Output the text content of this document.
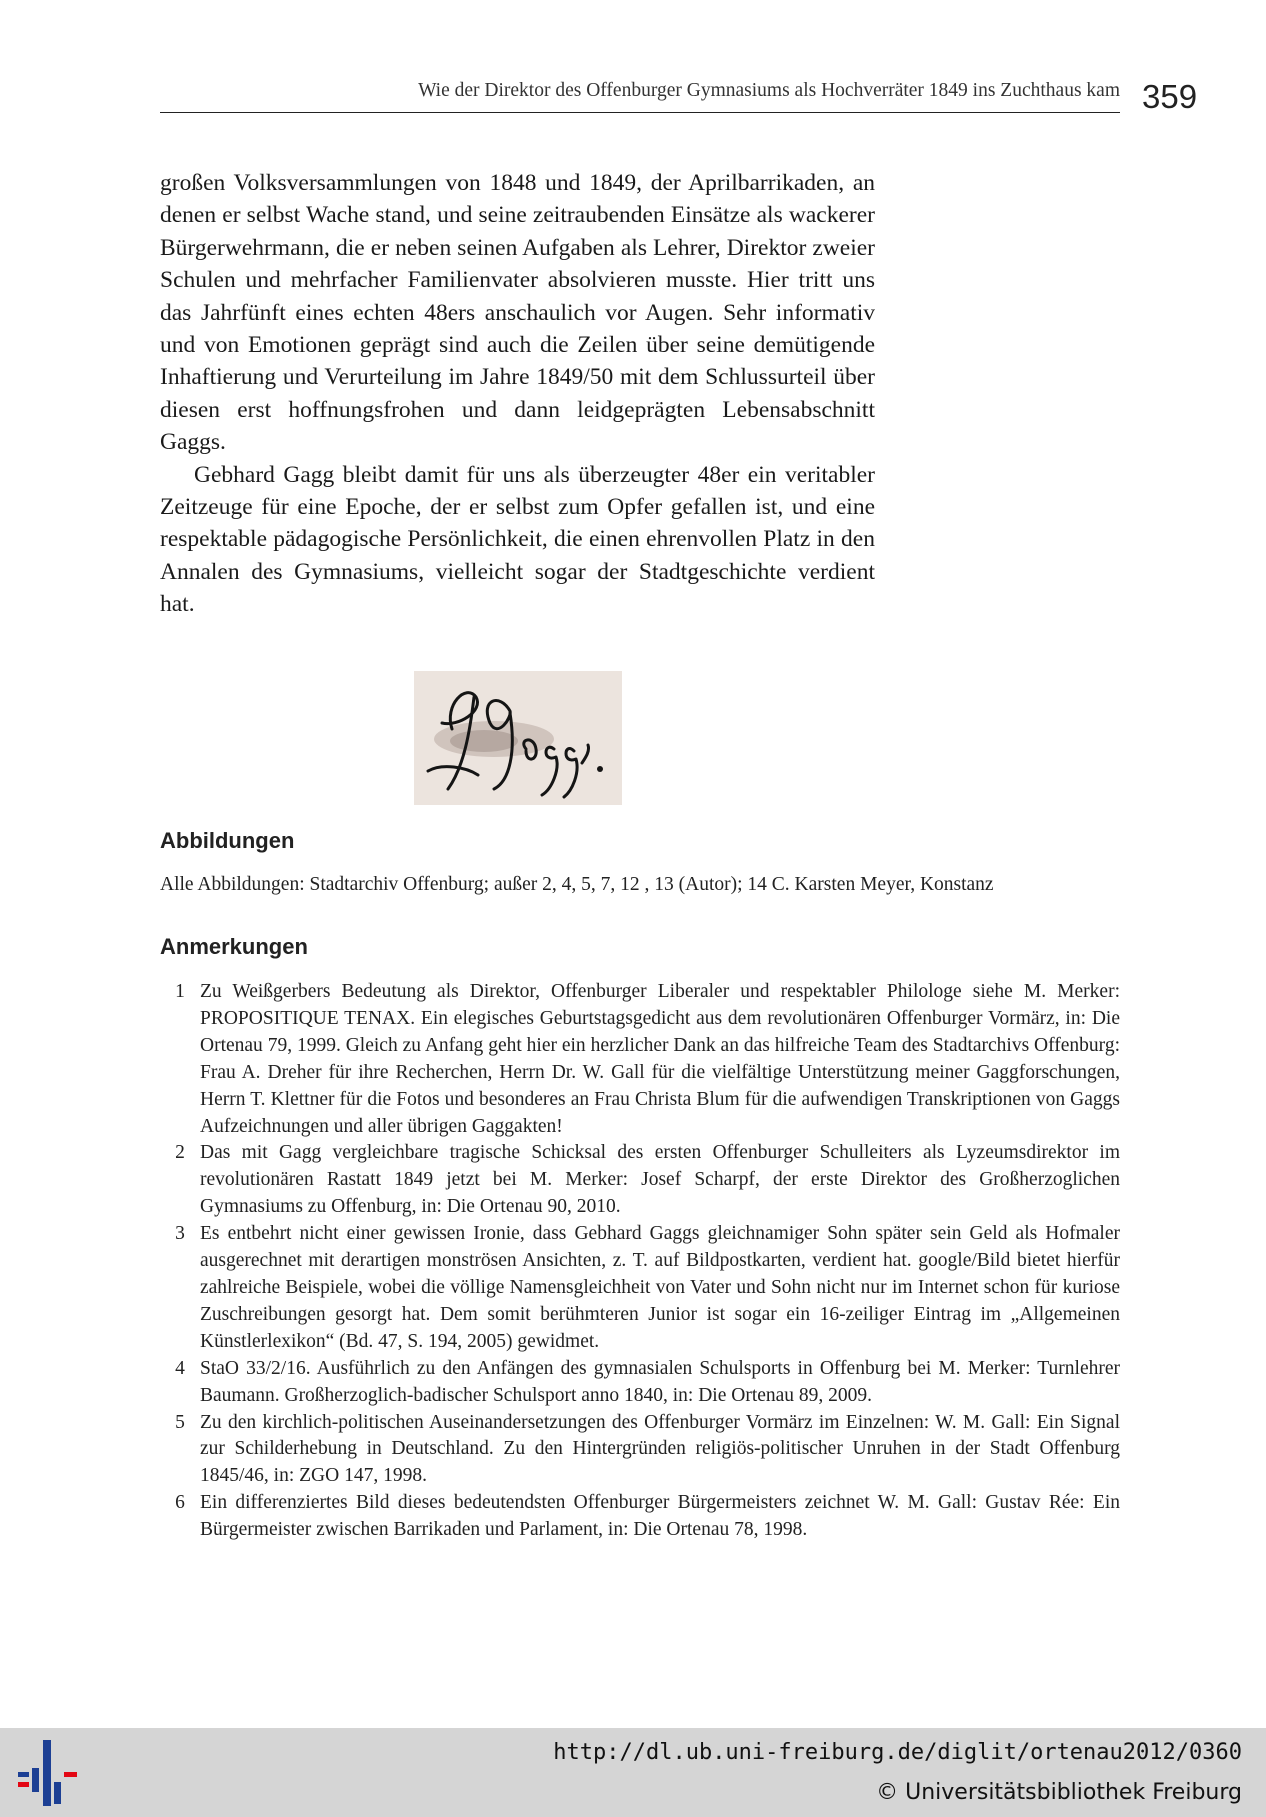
Wie der Direktor des Offenburger Gymnasiums als Hochverräter 1849 ins Zuchthaus kam 359

großen Volksversammlungen von 1848 und 1849, der Aprilbarrikaden, an denen er selbst Wache stand, und seine zeitraubenden Einsätze als wackerer Bürgerwehrmann, die er neben seinen Aufgaben als Lehrer, Direktor zweier Schulen und mehrfacher Familienvater absolvieren musste. Hier tritt uns das Jahrfünft eines echten 48ers anschaulich vor Augen. Sehr informativ und von Emotionen geprägt sind auch die Zeilen über seine demütigende Inhaftierung und Verurteilung im Jahre 1849/50 mit dem Schlussurteil über diesen erst hoffnungsfrohen und dann leidgeprägten Lebensabschnitt Gaggs.

Gebhard Gagg bleibt damit für uns als überzeugter 48er ein veritabler Zeitzeuge für eine Epoche, der er selbst zum Opfer gefallen ist, und eine respektable pädagogische Persönlichkeit, die einen ehrenvollen Platz in den Annalen des Gymnasiums, vielleicht sogar der Stadtgeschichte verdient hat.

Abbildungen
Alle Abbildungen: Stadtarchiv Offenburg; außer 2, 4, 5, 7, 12 , 13 (Autor); 14 C. Karsten Meyer, Konstanz
Anmerkungen
1 Zu Weißgerbers Bedeutung als Direktor, Offenburger Liberaler und respektabler Philologe siehe M. Merker: PROPOSITIQUE TENAX. Ein elegisches Geburtstagsgedicht aus dem revolutionären Offenburger Vormärz, in: Die Ortenau 79, 1999. Gleich zu Anfang geht hier ein herzlicher Dank an das hilfreiche Team des Stadtarchivs Offenburg: Frau A. Dreher für ihre Recherchen, Herrn Dr. W. Gall für die vielfältige Unterstützung meiner Gaggforschungen, Herrn T. Klettner für die Fotos und besonderes an Frau Christa Blum für die aufwendigen Transkriptionen von Gaggs Aufzeichnungen und aller übrigen Gaggakten!
2 Das mit Gagg vergleichbare tragische Schicksal des ersten Offenburger Schulleiters als Lyzeumsdirektor im revolutionären Rastatt 1849 jetzt bei M. Merker: Josef Scharpf, der erste Direktor des Großherzoglichen Gymnasiums zu Offenburg, in: Die Ortenau 90, 2010.
3 Es entbehrt nicht einer gewissen Ironie, dass Gebhard Gaggs gleichnamiger Sohn später sein Geld als Hofmaler ausgerechnet mit derartigen monströsen Ansichten, z. T. auf Bildpostkarten, verdient hat. google/Bild bietet hierfür zahlreiche Beispiele, wobei die völlige Namensgleichheit von Vater und Sohn nicht nur im Internet schon für kuriose Zuschreibungen gesorgt hat. Dem somit berühmteren Junior ist sogar ein 16-zeiliger Eintrag im „Allgemeinen Künstlerlexikon“ (Bd. 47, S. 194, 2005) gewidmet.
4 StaO 33/2/16. Ausführlich zu den Anfängen des gymnasialen Schulsports in Offenburg bei M. Merker: Turnlehrer Baumann. Großherzoglich-badischer Schulsport anno 1840, in: Die Ortenau 89, 2009.
5 Zu den kirchlich-politischen Auseinandersetzungen des Offenburger Vormärz im Einzelnen: W. M. Gall: Ein Signal zur Schilderhebung in Deutschland. Zu den Hintergründen religiös-politischer Unruhen in der Stadt Offenburg 1845/46, in: ZGO 147, 1998.
6 Ein differenziertes Bild dieses bedeutendsten Offenburger Bürgermeisters zeichnet W. M. Gall: Gustav Rée: Ein Bürgermeister zwischen Barrikaden und Parlament, in: Die Ortenau 78, 1998.
http://dl.ub.uni-freiburg.de/diglit/ortenau2012/0360
© Universitätsbibliothek Freiburg
